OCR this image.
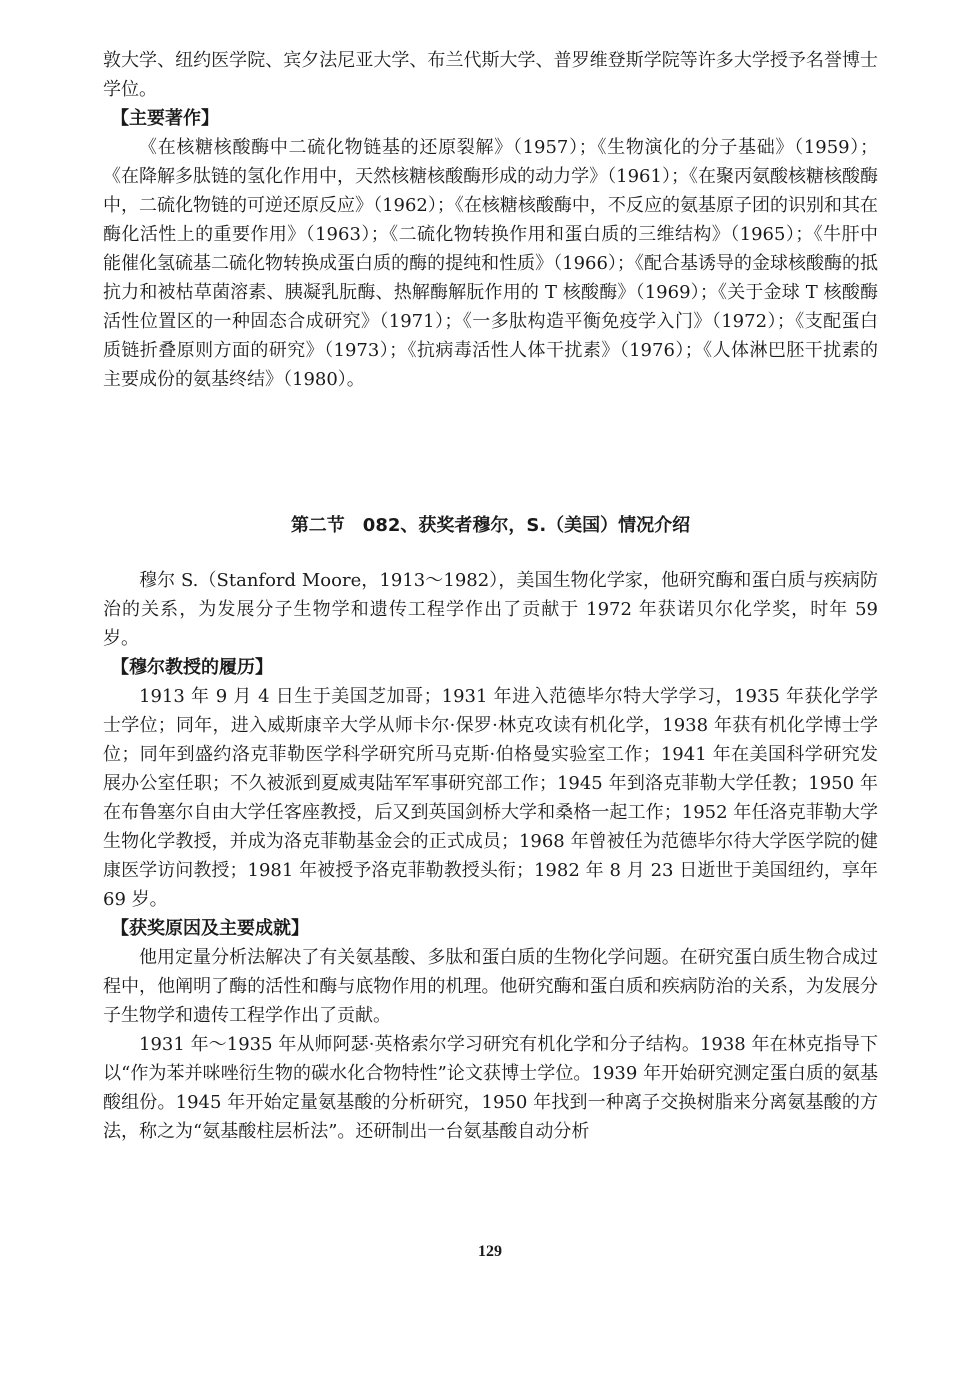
敦大学、纽约医学院、宾夕法尼亚大学、布兰代斯大学、普罗维登斯学院等许多大学授予名誉博士学位。

【主要著作】

《在核糖核酸酶中二硫化物链基的还原裂解》（1957）；《生物演化的分子基础》（1959）；《在降解多肽链的氢化作用中，天然核糖核酸酶形成的动力学》（1961）；《在聚丙氨酸核糖核酸酶中，二硫化物链的可逆还原反应》（1962）；《在核糖核酸酶中，不反应的氨基原子团的识别和其在酶化活性上的重要作用》（1963）；《二硫化物转换作用和蛋白质的三维结构》（1965）；《牛肝中能催化氢硫基二硫化物转换成蛋白质的酶的提纯和性质》（1966）；《配合基诱导的金球核酸酶的抵抗力和被枯草菌溶素、胰凝乳朊酶、热解酶解朊作用的 T 核酸酶》（1969）；《关于金球 T 核酸酶活性位置区的一种固态合成研究》（1971）；《一多肽构造平衡免疫学入门》（1972）；《支配蛋白质链折叠原则方面的研究》（1973）；《抗病毒活性人体干扰素》（1976）；《人体淋巴胚干扰素的主要成份的氨基终结》（1980）。

第二节　082、获奖者穆尔，S.（美国）情况介绍

穆尔 S.（Stanford Moore，1913～1982），美国生物化学家，他研究酶和蛋白质与疾病防治的关系，为发展分子生物学和遗传工程学作出了贡献于 1972 年获诺贝尔化学奖，时年 59 岁。

【穆尔教授的履历】

1913 年 9 月 4 日生于美国芝加哥；1931 年进入范德毕尔特大学学习，1935 年获化学学士学位；同年，进入威斯康辛大学从师卡尔·保罗·林克攻读有机化学，1938 年获有机化学博士学位；同年到盛约洛克菲勒医学科学研究所马克斯·伯格曼实验室工作；1941 年在美国科学研究发展办公室任职；不久被派到夏威夷陆军军事研究部工作；1945 年到洛克菲勒大学任教；1950 年在布鲁塞尔自由大学任客座教授，后又到英国剑桥大学和桑格一起工作；1952 年任洛克菲勒大学生物化学教授，并成为洛克菲勒基金会的正式成员；1968 年曾被任为范德毕尔待大学医学院的健康医学访问教授；1981 年被授予洛克菲勒教授头衔；1982 年 8 月 23 日逝世于美国纽约，享年 69 岁。

【获奖原因及主要成就】

他用定量分析法解决了有关氨基酸、多肽和蛋白质的生物化学问题。在研究蛋白质生物合成过程中，他阐明了酶的活性和酶与底物作用的机理。他研究酶和蛋白质和疾病防治的关系，为发展分子生物学和遗传工程学作出了贡献。

1931 年～1935 年从师阿瑟·英格索尔学习研究有机化学和分子结构。1938 年在林克指导下以“作为苯并咪唑衍生物的碳水化合物特性”论文获博士学位。1939 年开始研究测定蛋白质的氨基酸组份。1945 年开始定量氨基酸的分析研究，1950 年找到一种离子交换树脂来分离氨基酸的方法，称之为“氨基酸柱层析法”。还研制出一台氨基酸自动分析

129
